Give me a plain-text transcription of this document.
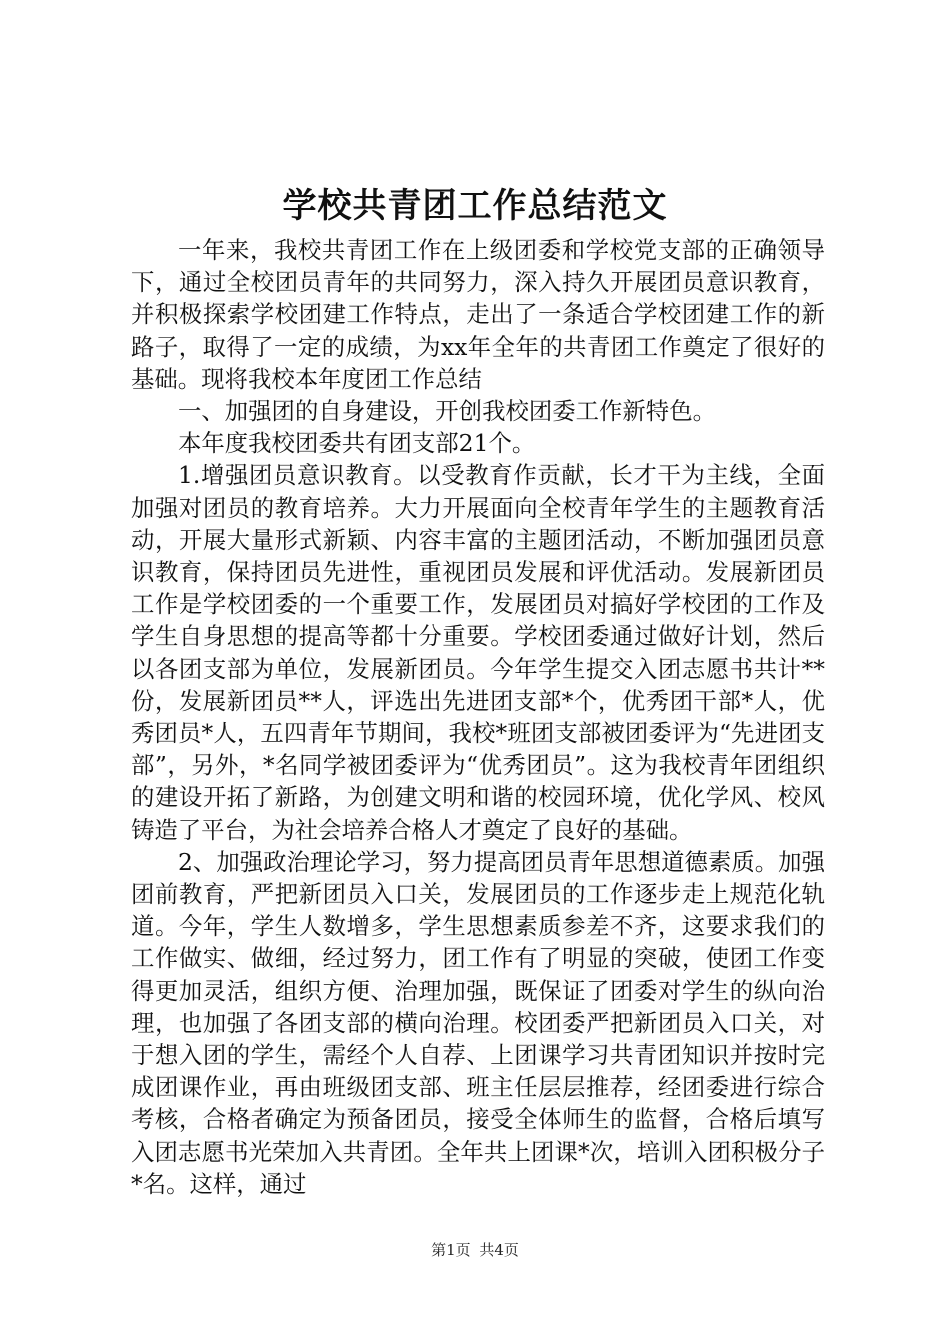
学校共青团工作总结范文

一年来，我校共青团工作在上级团委和学校党支部的正确领导下，通过全校团员青年的共同努力，深入持久开展团员意识教育，并积极探索学校团建工作特点，走出了一条适合学校团建工作的新路子，取得了一定的成绩，为xx年全年的共青团工作奠定了很好的基础。现将我校本年度团工作总结

一、加强团的自身建设，开创我校团委工作新特色。

本年度我校团委共有团支部21个。

1.增强团员意识教育。以受教育作贡献，长才干为主线，全面加强对团员的教育培养。大力开展面向全校青年学生的主题教育活动，开展大量形式新颖、内容丰富的主题团活动，不断加强团员意识教育，保持团员先进性，重视团员发展和评优活动。发展新团员工作是学校团委的一个重要工作，发展团员对搞好学校团的工作及学生自身思想的提高等都十分重要。学校团委通过做好计划，然后以各团支部为单位，发展新团员。今年学生提交入团志愿书共计**份，发展新团员**人，评选出先进团支部*个，优秀团干部*人，优秀团员*人，五四青年节期间，我校*班团支部被团委评为“先进团支部”，另外，*名同学被团委评为“优秀团员”。这为我校青年团组织的建设开拓了新路，为创建文明和谐的校园环境，优化学风、校风铸造了平台，为社会培养合格人才奠定了良好的基础。

2、加强政治理论学习，努力提高团员青年思想道德素质。加强团前教育，严把新团员入口关，发展团员的工作逐步走上规范化轨道。今年，学生人数增多，学生思想素质参差不齐，这要求我们的工作做实、做细，经过努力，团工作有了明显的突破，使团工作变得更加灵活，组织方便、治理加强，既保证了团委对学生的纵向治理，也加强了各团支部的横向治理。校团委严把新团员入口关，对于想入团的学生，需经个人自荐、上团课学习共青团知识并按时完成团课作业，再由班级团支部、班主任层层推荐，经团委进行综合考核，合格者确定为预备团员，接受全体师生的监督，合格后填写入团志愿书光荣加入共青团。全年共上团课*次，培训入团积极分子*名。这样，通过

第1页 共4页
